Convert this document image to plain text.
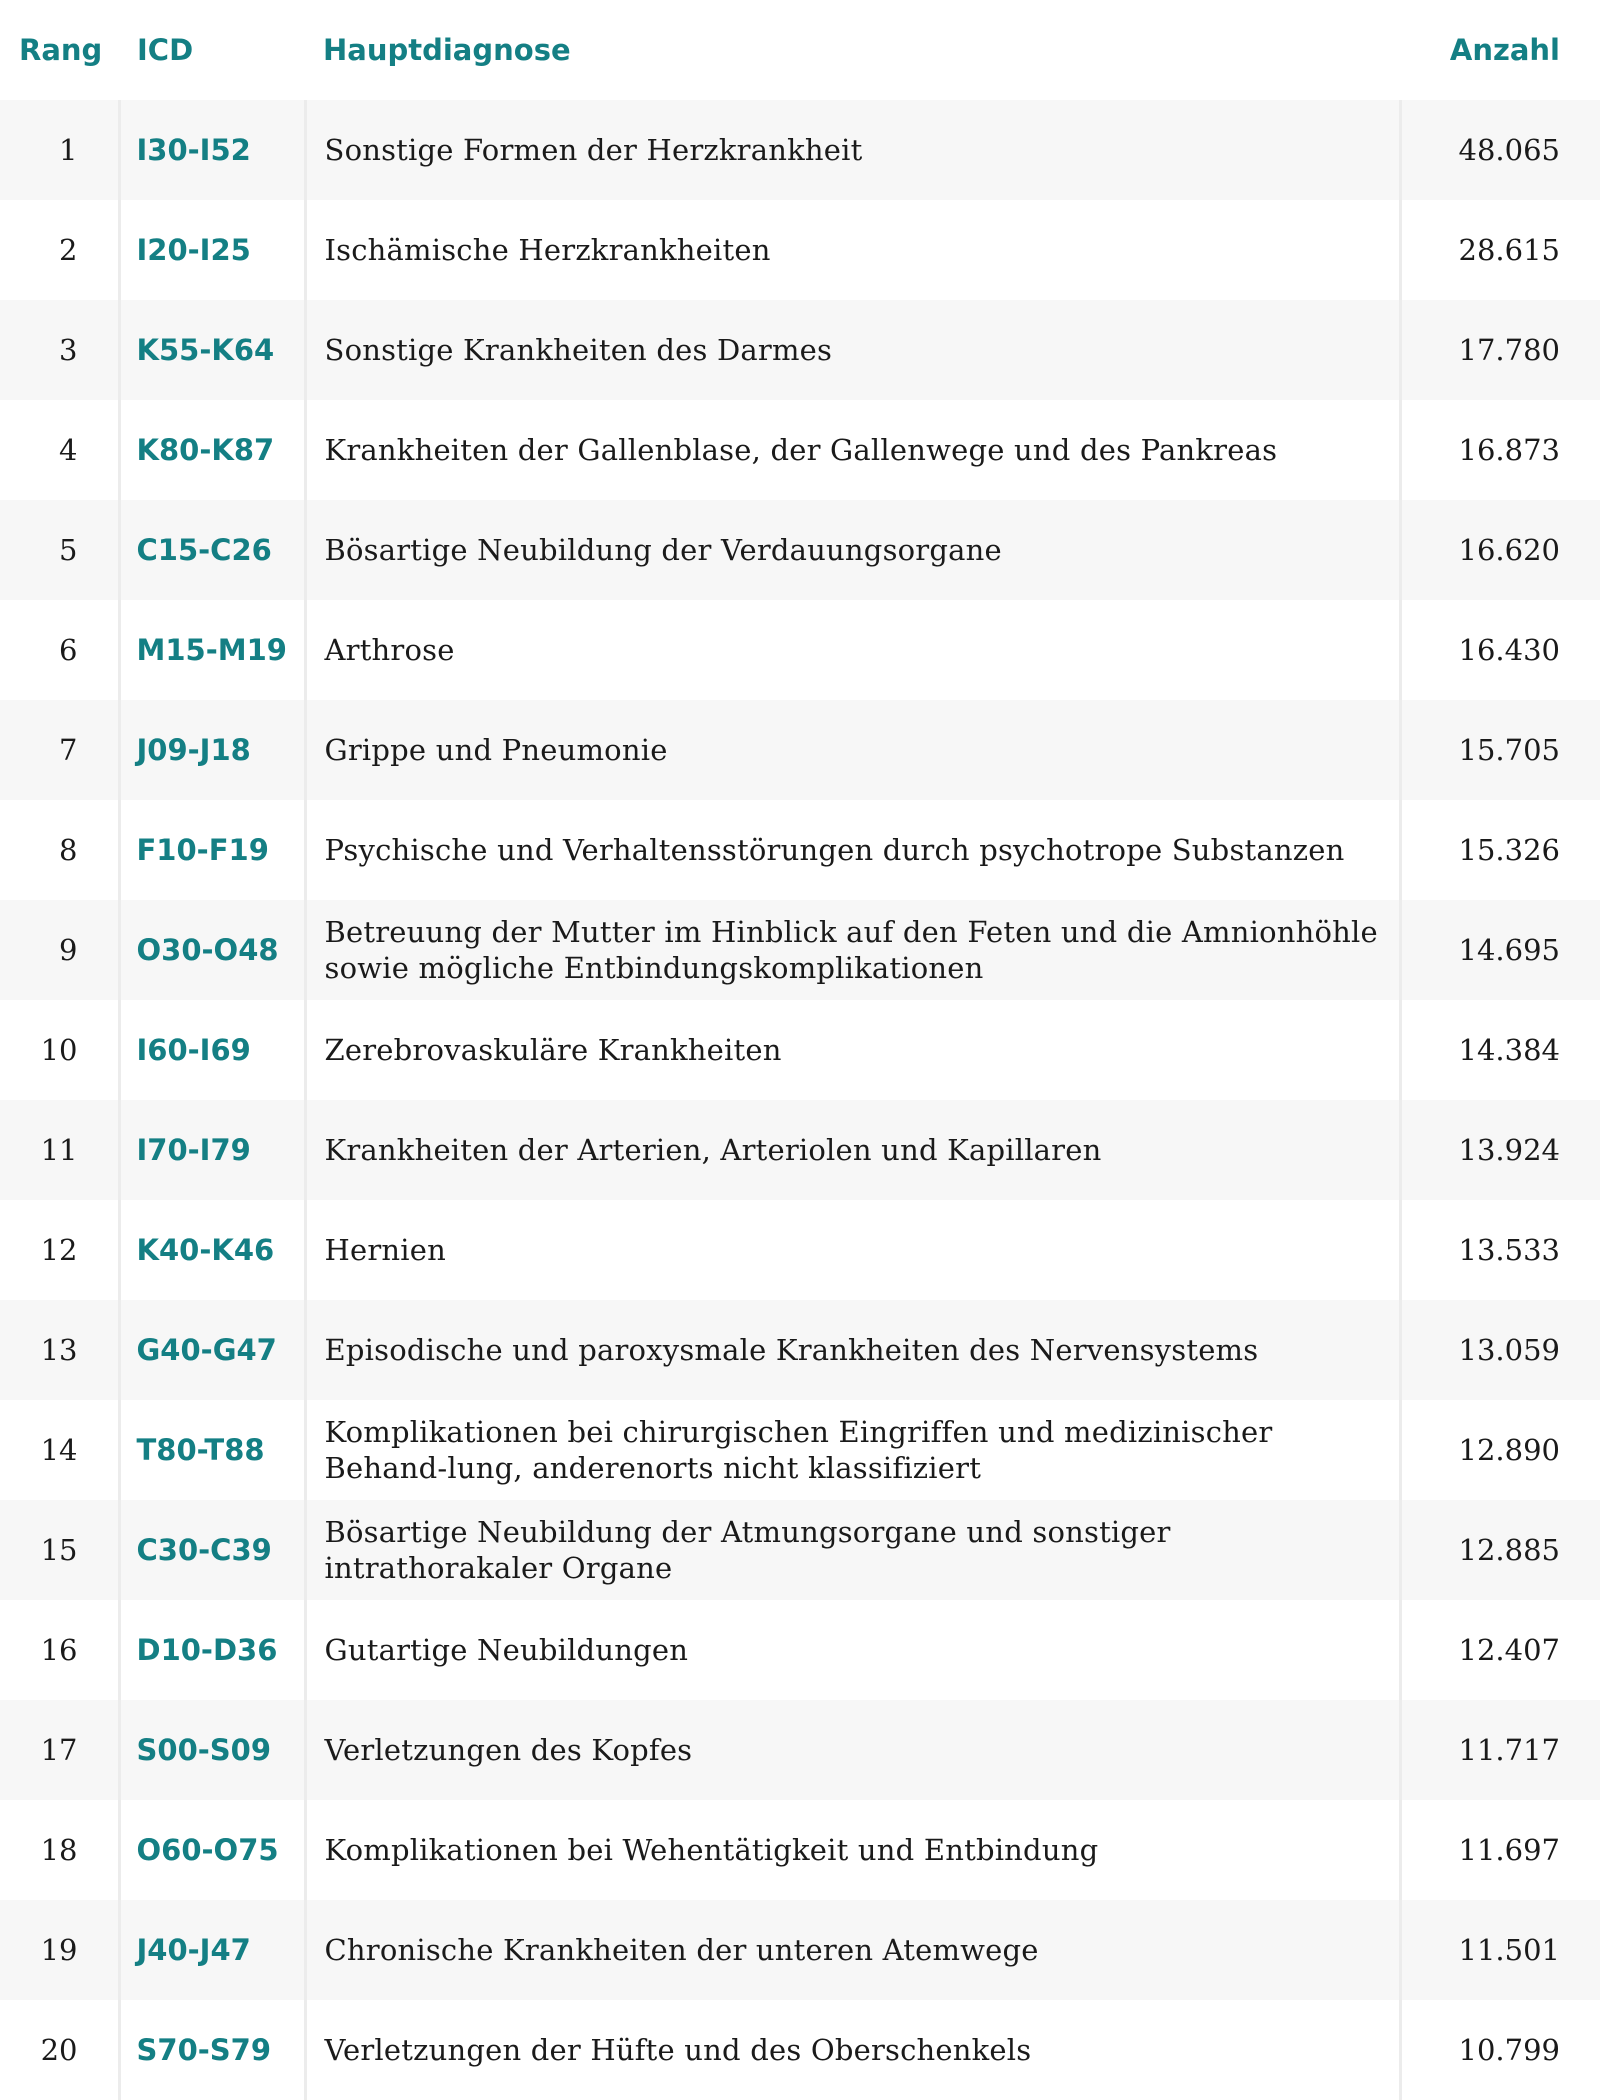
Rang	ICD	Hauptdiagnose	Anzahl
1	I30-I52	Sonstige Formen der Herzkrankheit	48.065
2	I20-I25	Ischämische Herzkrankheiten	28.615
3	K55-K64	Sonstige Krankheiten des Darmes	17.780
4	K80-K87	Krankheiten der Gallenblase, der Gallenwege und des Pankreas	16.873
5	C15-C26	Bösartige Neubildung der Verdauungsorgane	16.620
6	M15-M19	Arthrose	16.430
7	J09-J18	Grippe und Pneumonie	15.705
8	F10-F19	Psychische und Verhaltensstörungen durch psychotrope Substanzen	15.326
9	O30-O48	Betreuung der Mutter im Hinblick auf den Feten und die Amnionhöhle sowie mögliche Entbindungskomplikationen	14.695
10	I60-I69	Zerebrovaskuläre Krankheiten	14.384
11	I70-I79	Krankheiten der Arterien, Arteriolen und Kapillaren	13.924
12	K40-K46	Hernien	13.533
13	G40-G47	Episodische und paroxysmale Krankheiten des Nervensystems	13.059
14	T80-T88	Komplikationen bei chirurgischen Eingriffen und medizinischer Behand-lung, anderenorts nicht klassifiziert	12.890
15	C30-C39	Bösartige Neubildung der Atmungsorgane und sonstiger intrathorakaler Organe	12.885
16	D10-D36	Gutartige Neubildungen	12.407
17	S00-S09	Verletzungen des Kopfes	11.717
18	O60-O75	Komplikationen bei Wehentätigkeit und Entbindung	11.697
19	J40-J47	Chronische Krankheiten der unteren Atemwege	11.501
20	S70-S79	Verletzungen der Hüfte und des Oberschenkels	10.799
